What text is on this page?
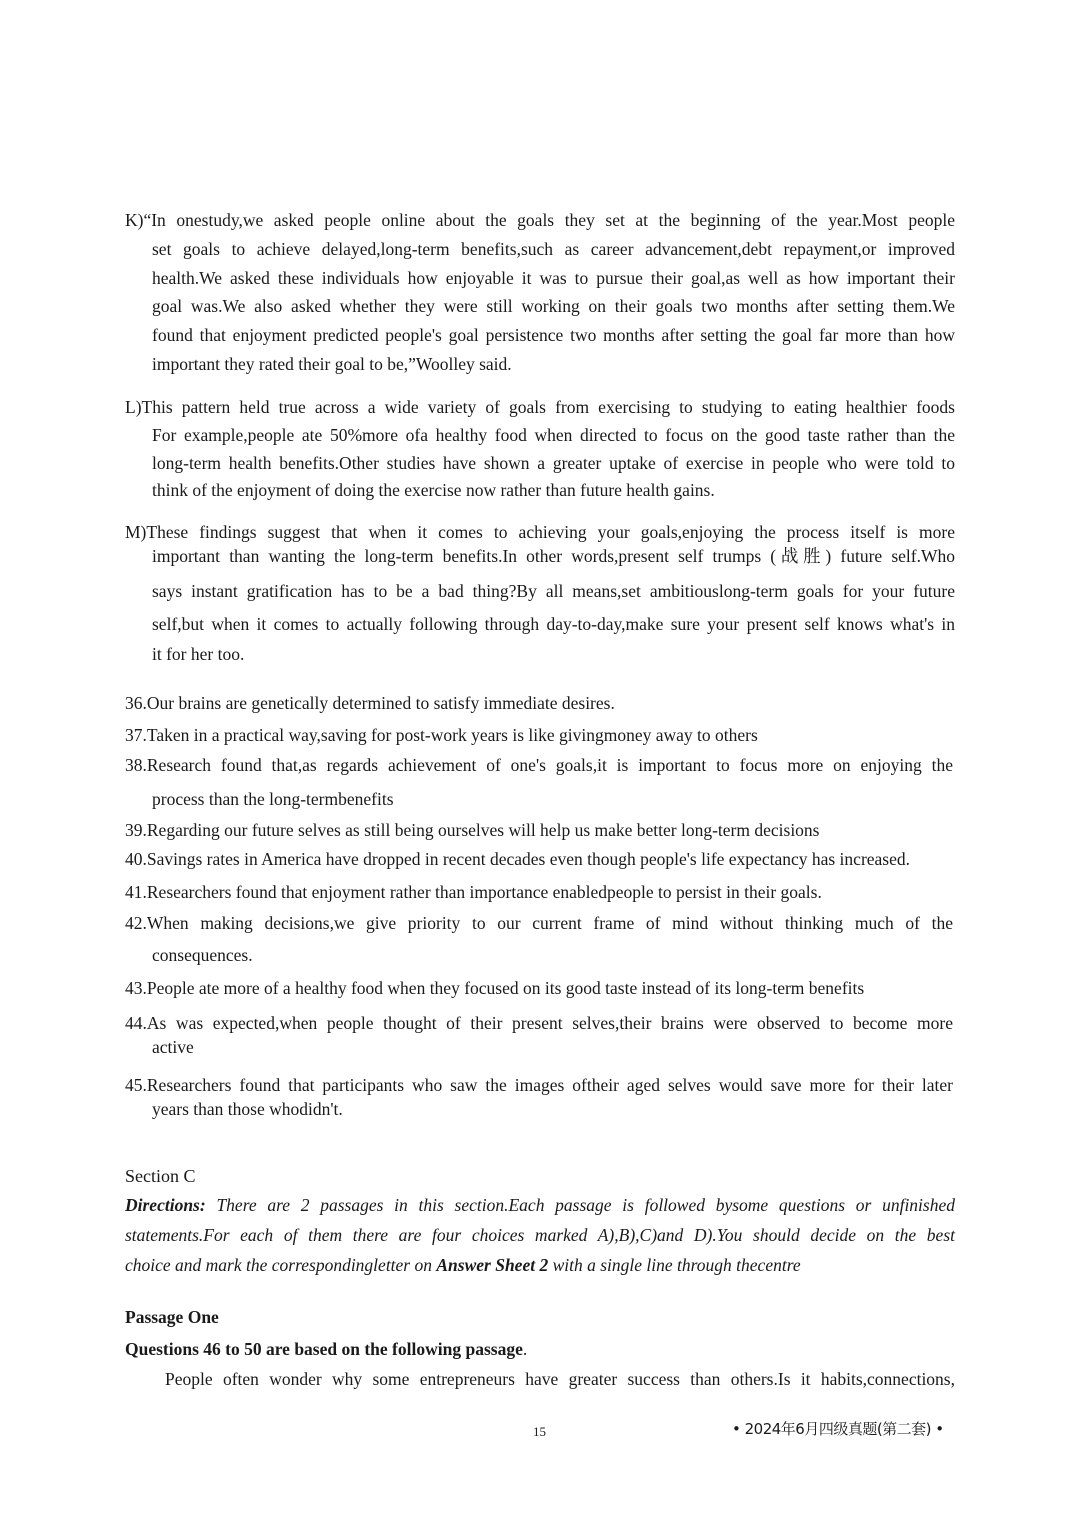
K)“In onestudy,we asked people online about the goals they set at the beginning of the year.Most people
set goals to achieve delayed,long-term benefits,such as career advancement,debt repayment,or improved
health.We asked these individuals how enjoyable it was to pursue their goal,as well as how important their
goal was.We also asked whether they were still working on their goals two months after setting them.We
found that enjoyment predicted people's goal persistence two months after setting the goal far more than how
important they rated their goal to be,”Woolley said.
L)This pattern held true across a wide variety of goals from exercising to studying to eating healthier foods
For example,people ate 50%more ofa healthy food when directed to focus on the good taste rather than the
long-term health benefits.Other studies have shown a greater uptake of exercise in people who were told to
think of the enjoyment of doing the exercise now rather than future health gains.
M)These findings suggest that when it comes to achieving your goals,enjoying the process itself is more
important than wanting the long-term benefits.In other words,present self trumps (战胜) future self.Who
says instant gratification has to be a bad thing?By all means,set ambitiouslong-term goals for your future
self,but when it comes to actually following through day-to-day,make sure your present self knows what's in
it for her too.
36.Our brains are genetically determined to satisfy immediate desires.
37.Taken in a practical way,saving for post-work years is like givingmoney away to others
38.Research found that,as regards achievement of one's goals,it is important to focus more on enjoying the
process than the long-termbenefits
39.Regarding our future selves as still being ourselves will help us make better long-term decisions
40.Savings rates in America have dropped in recent decades even though people's life expectancy has increased.
41.Researchers found that enjoyment rather than importance enabledpeople to persist in their goals.
42.When making decisions,we give priority to our current frame of mind without thinking much of the
consequences.
43.People ate more of a healthy food when they focused on its good taste instead of its long-term benefits
44.As was expected,when people thought of their present selves,their brains were observed to become more
active
45.Researchers found that participants who saw the images oftheir aged selves would save more for their later
years than those whodidn't.
Section C
Directions: There are 2 passages in this section.Each passage is followed bysome questions or unfinished
statements.For each of them there are four choices marked A),B),C)and D).You should decide on the best
choice and mark the correspondingletter on Answer Sheet 2 with a single line through thecentre
Passage One
Questions 46 to 50 are based on the following passage.
People often wonder why some entrepreneurs have greater success than others.Is it habits,connections,
15	• 2024年6月四级真题(第二套) •
